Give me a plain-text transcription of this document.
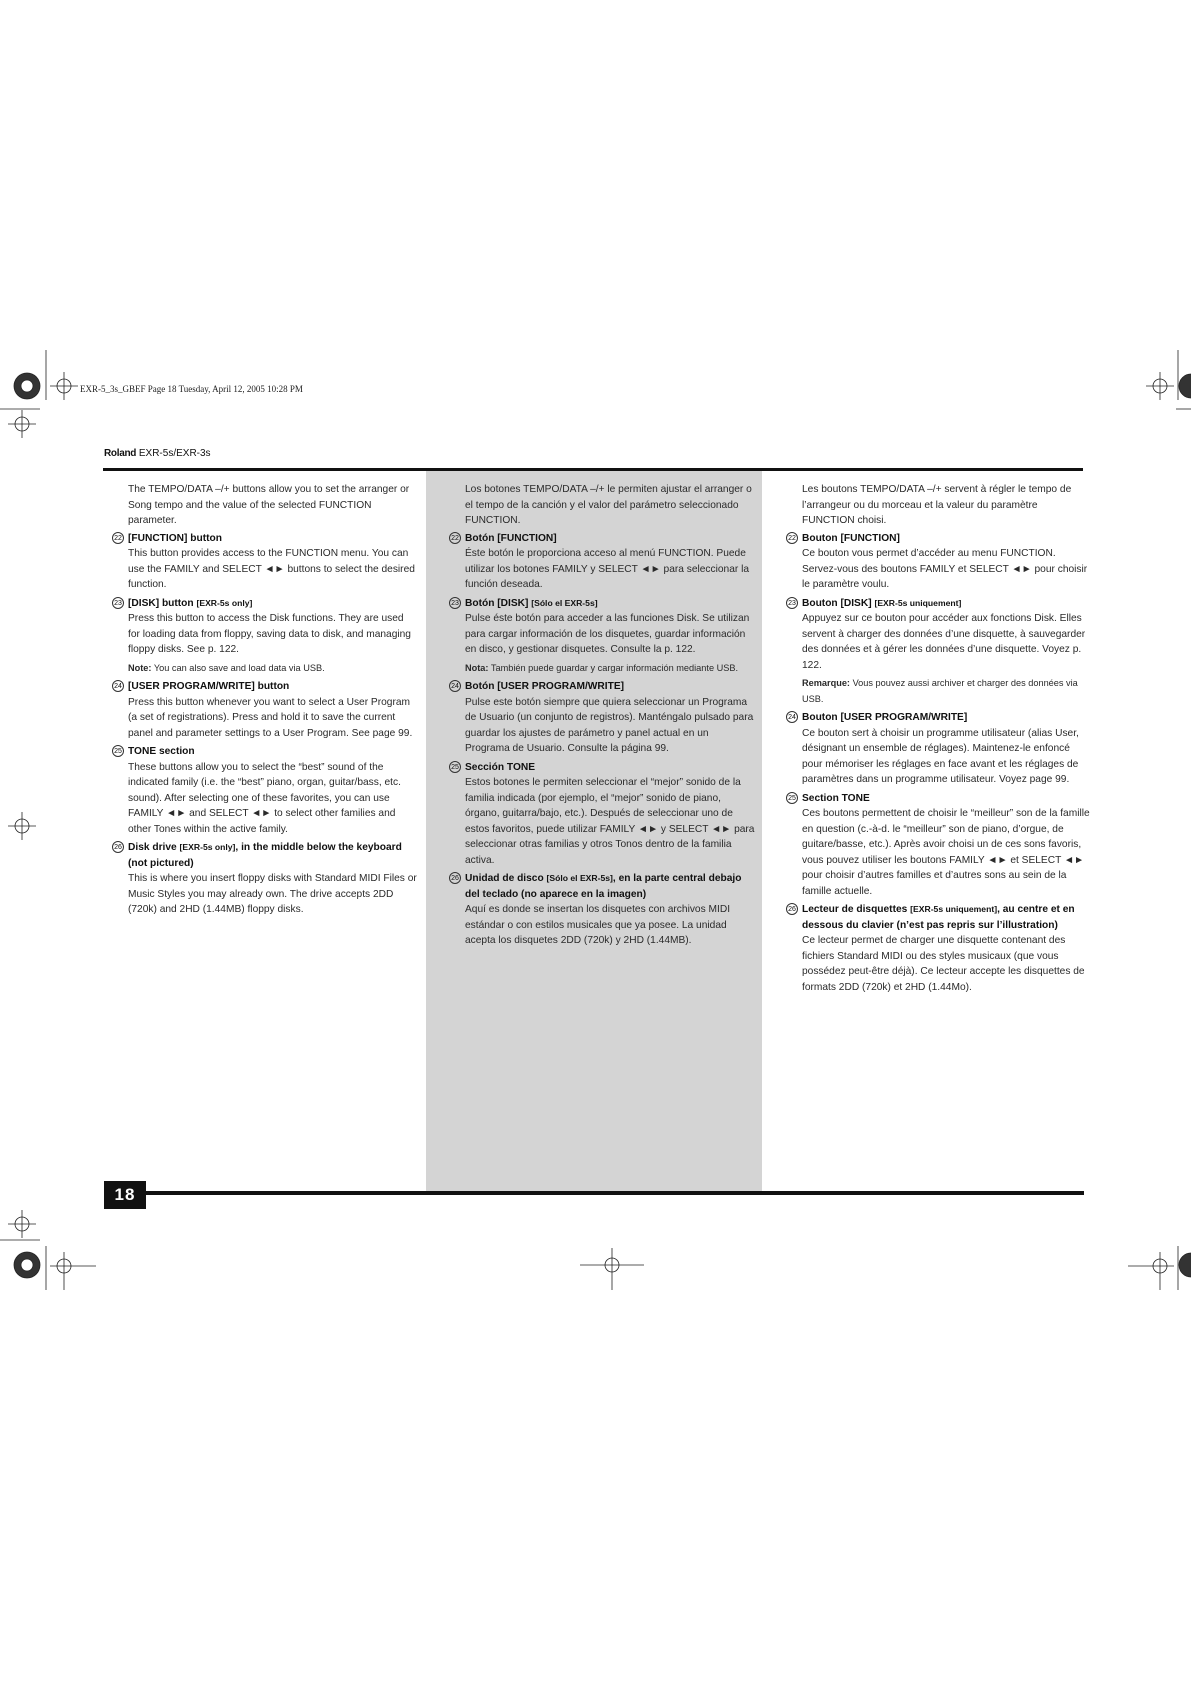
EXR-5_3s_GBEF Page 18 Tuesday, April 12, 2005 10:28 PM
Roland EXR-5s/EXR-3s

The TEMPO/DATA –/+ buttons allow you to set the arranger or Song tempo and the value of the selected FUNCTION parameter.

22 [FUNCTION] button

This button provides access to the FUNCTION menu. You can use the FAMILY and SELECT ◄► buttons to select the desired function.

23 [DISK] button [EXR-5s only]

Press this button to access the Disk functions. They are used for loading data from floppy, saving data to disk, and managing floppy disks. See p. 122.

Note: You can also save and load data via USB.

24 [USER PROGRAM/WRITE] button

Press this button whenever you want to select a User Program (a set of registrations). Press and hold it to save the current panel and parameter settings to a User Program. See page 99.

25 TONE section

These buttons allow you to select the “best” sound of the indicated family (i.e. the “best” piano, organ, guitar/bass, etc. sound). After selecting one of these favorites, you can use FAMILY ◄► and SELECT ◄► to select other families and other Tones within the active family.

26 Disk drive [EXR-5s only], in the middle below the keyboard (not pictured)

This is where you insert floppy disks with Standard MIDI Files or Music Styles you may already own. The drive accepts 2DD (720k) and 2HD (1.44MB) floppy disks.

Los botones TEMPO/DATA –/+ le permiten ajustar el arranger o el tempo de la canción y el valor del parámetro seleccionado FUNCTION.

22 Botón [FUNCTION]

Éste botón le proporciona acceso al menú FUNCTION. Puede utilizar los botones FAMILY y SELECT ◄► para seleccionar la función deseada.

23 Botón [DISK] [Sólo el EXR-5s]

Pulse éste botón para acceder a las funciones Disk. Se utilizan para cargar información de los disquetes, guardar información en disco, y gestionar disquetes. Consulte la p. 122.

Nota: También puede guardar y cargar información mediante USB.

24 Botón [USER PROGRAM/WRITE]

Pulse este botón siempre que quiera seleccionar un Programa de Usuario (un conjunto de registros). Manténgalo pulsado para guardar los ajustes de parámetro y panel actual en un Programa de Usuario. Consulte la página 99.

25 Sección TONE

Estos botones le permiten seleccionar el “mejor” sonido de la familia indicada (por ejemplo, el “mejor” sonido de piano, órgano, guitarra/bajo, etc.). Después de seleccionar uno de estos favoritos, puede utilizar FAMILY ◄► y SELECT ◄► para seleccionar otras familias y otros Tonos dentro de la familia activa.

26 Unidad de disco [Sólo el EXR-5s], en la parte central debajo del teclado (no aparece en la imagen)

Aquí es donde se insertan los disquetes con archivos MIDI estándar o con estilos musicales que ya posee. La unidad acepta los disquetes 2DD (720k) y 2HD (1.44MB).

Les boutons TEMPO/DATA –/+ servent à régler le tempo de l’arrangeur ou du morceau et la valeur du paramètre FUNCTION choisi.

22 Bouton [FUNCTION]

Ce bouton vous permet d’accéder au menu FUNCTION. Servez-vous des boutons FAMILY et SELECT ◄► pour choisir le paramètre voulu.

23 Bouton [DISK] [EXR-5s uniquement]

Appuyez sur ce bouton pour accéder aux fonctions Disk. Elles servent à charger des données d’une disquette, à sauvegarder des données et à gérer les données d’une disquette. Voyez p. 122.

Remarque: Vous pouvez aussi archiver et charger des données via USB.

24 Bouton [USER PROGRAM/WRITE]

Ce bouton sert à choisir un programme utilisateur (alias User, désignant un ensemble de réglages). Maintenez-le enfoncé pour mémoriser les réglages en face avant et les réglages de paramètres dans un programme utilisateur. Voyez page 99.

25 Section TONE

Ces boutons permettent de choisir le “meilleur” son de la famille en question (c.-à-d. le “meilleur” son de piano, d’orgue, de guitare/basse, etc.). Après avoir choisi un de ces sons favoris, vous pouvez utiliser les boutons FAMILY ◄► et SELECT ◄► pour choisir d’autres familles et d’autres sons au sein de la famille actuelle.

26 Lecteur de disquettes [EXR-5s uniquement], au centre et en dessous du clavier (n’est pas repris sur l’illustration)

Ce lecteur permet de charger une disquette contenant des fichiers Standard MIDI ou des styles musicaux (que vous possédez peut-être déjà). Ce lecteur accepte les disquettes de formats 2DD (720k) et 2HD (1.44Mo).

18
